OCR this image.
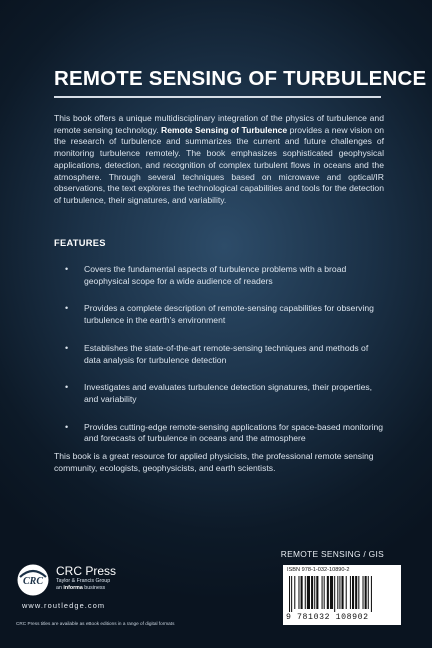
REMOTE SENSING OF TURBULENCE
This book offers a unique multidisciplinary integration of the physics of turbulence and remote sensing technology. Remote Sensing of Turbulence provides a new vision on the research of turbulence and summarizes the current and future challenges of monitoring turbulence remotely. The book emphasizes sophisticated geophysical applications, detection, and recognition of complex turbulent flows in oceans and the atmosphere. Through several techniques based on microwave and optical/IR observations, the text explores the technological capabilities and tools for the detection of turbulence, their signatures, and variability.
FEATURES
• Covers the fundamental aspects of turbulence problems with a broad geophysical scope for a wide audience of readers
• Provides a complete description of remote-sensing capabilities for observing turbulence in the earth’s environment
• Establishes the state-of-the-art remote-sensing techniques and methods of data analysis for turbulence detection
• Investigates and evaluates turbulence detection signatures, their properties, and variability
• Provides cutting-edge remote-sensing applications for space-based monitoring and forecasts of turbulence in oceans and the atmosphere
This book is a great resource for applied physicists, the professional remote sensing community, ecologists, geophysicists, and earth scientists.
REMOTE SENSING / GIS
CRC
CRC Press
Taylor & Francis Group
an informa business
www.routledge.com
CRC Press titles are available as eBook editions in a range of digital formats
ISBN 978-1-032-10890-2
9 781032 108902
